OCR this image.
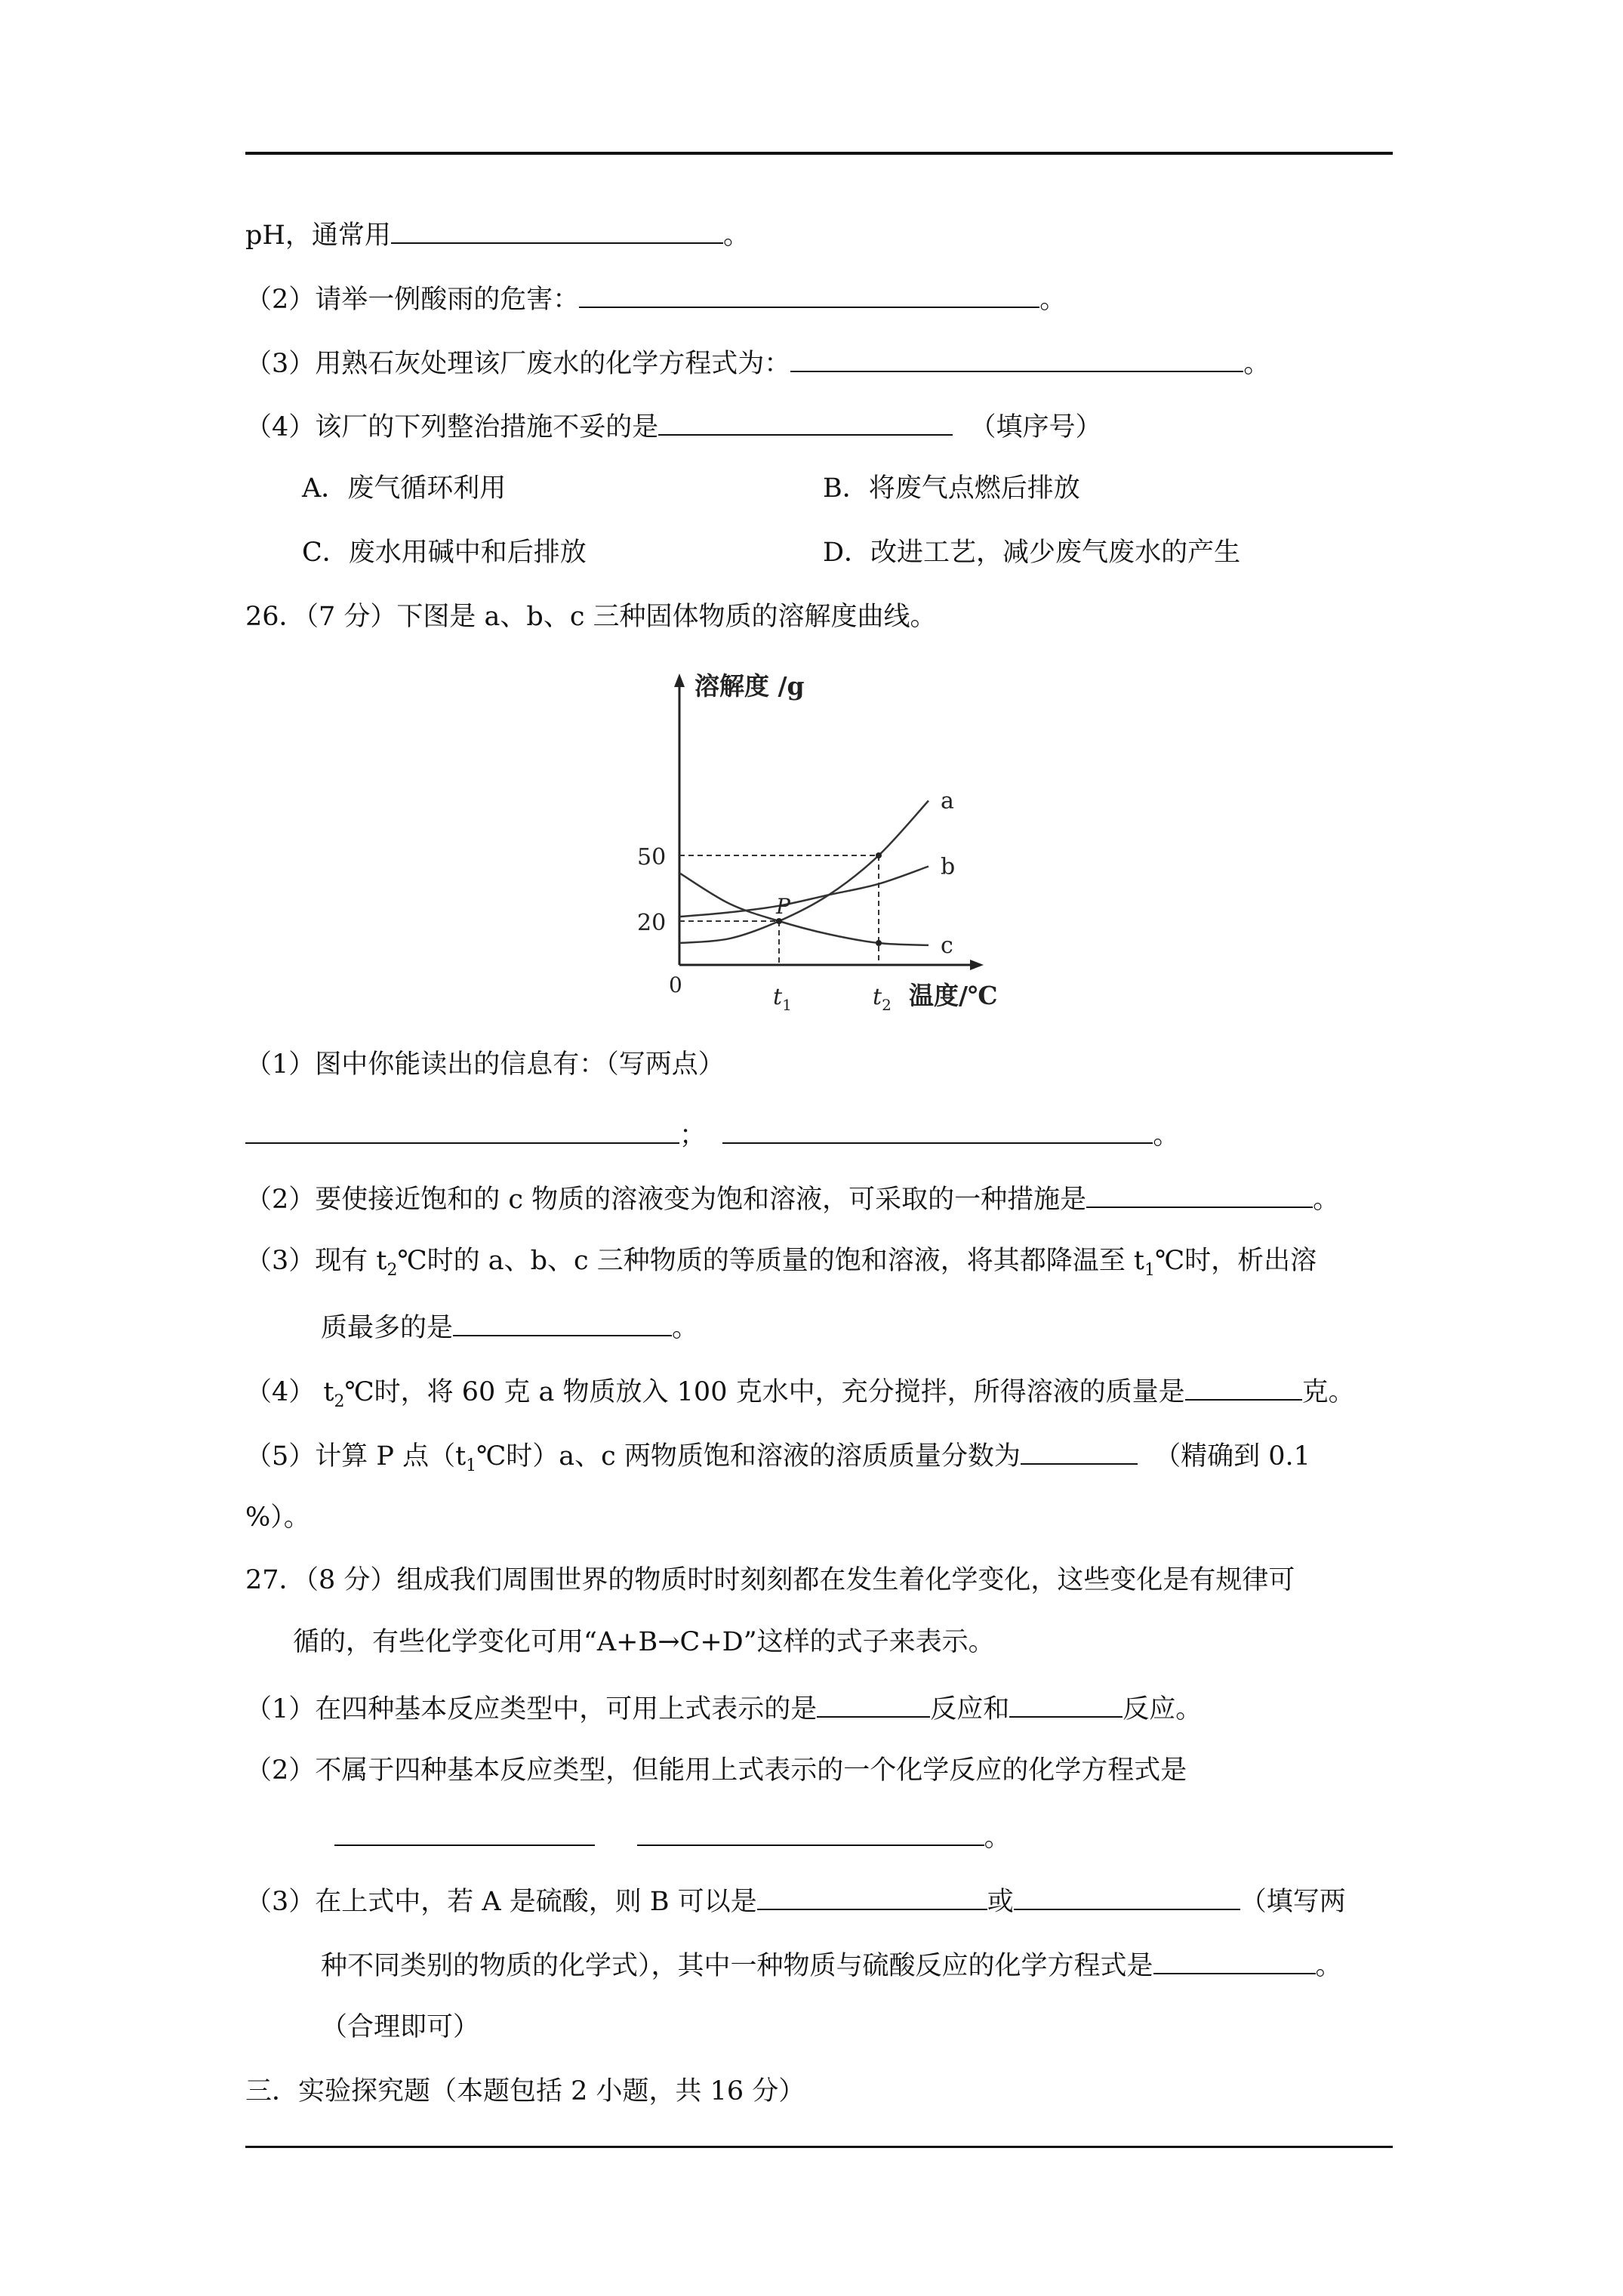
pH，通常用	。
（2）请举一例酸雨的危害：	。
（3）用熟石灰处理该厂废水的化学方程式为：	。
（4）该厂的下列整治措施不妥的是	（填序号）
A．废气循环利用	B．将废气点燃后排放
C．废水用碱中和后排放	D．改进工艺，减少废气废水的产生
26．（7 分）下图是 a、b、c 三种固体物质的溶解度曲线。
a
b
c
溶解度 /g
温度/℃
0
50
20
$t_1$	$t_2$
P
（1）图中你能读出的信息有：（写两点）
；	。
（2）要使接近饱和的 c 物质的溶液变为饱和溶液，可采取的一种措施是	。
（3）现有 $t_2℃$时的 a、b、c 三种物质的等质量的饱和溶液，将其都降温至 $t_1℃$时，析出溶
质最多的是	。
（4） $t_2℃$时，将 60 克 a 物质放入 100 克水中，充分搅拌，所得溶液的质量是	克。
（5）计算 P 点（$t_1℃$时）a、c 两物质饱和溶液的溶质质量分数为	（精确到 0.1
%）。
27．（8 分）组成我们周围世界的物质时时刻刻都在发生着化学变化，这些变化是有规律可
循的，有些化学变化可用“A+B→C+D”这样的式子来表示。
（1）在四种基本反应类型中，可用上式表示的是	反应和	反应。
（2）不属于四种基本反应类型，但能用上式表示的一个化学反应的化学方程式是
。
（3）在上式中，若 A 是硫酸，则 B 可以是	或	（填写两
种不同类别的物质的化学式），其中一种物质与硫酸反应的化学方程式是	。
（合理即可）
三．实验探究题（本题包括 2 小题，共 16 分）
